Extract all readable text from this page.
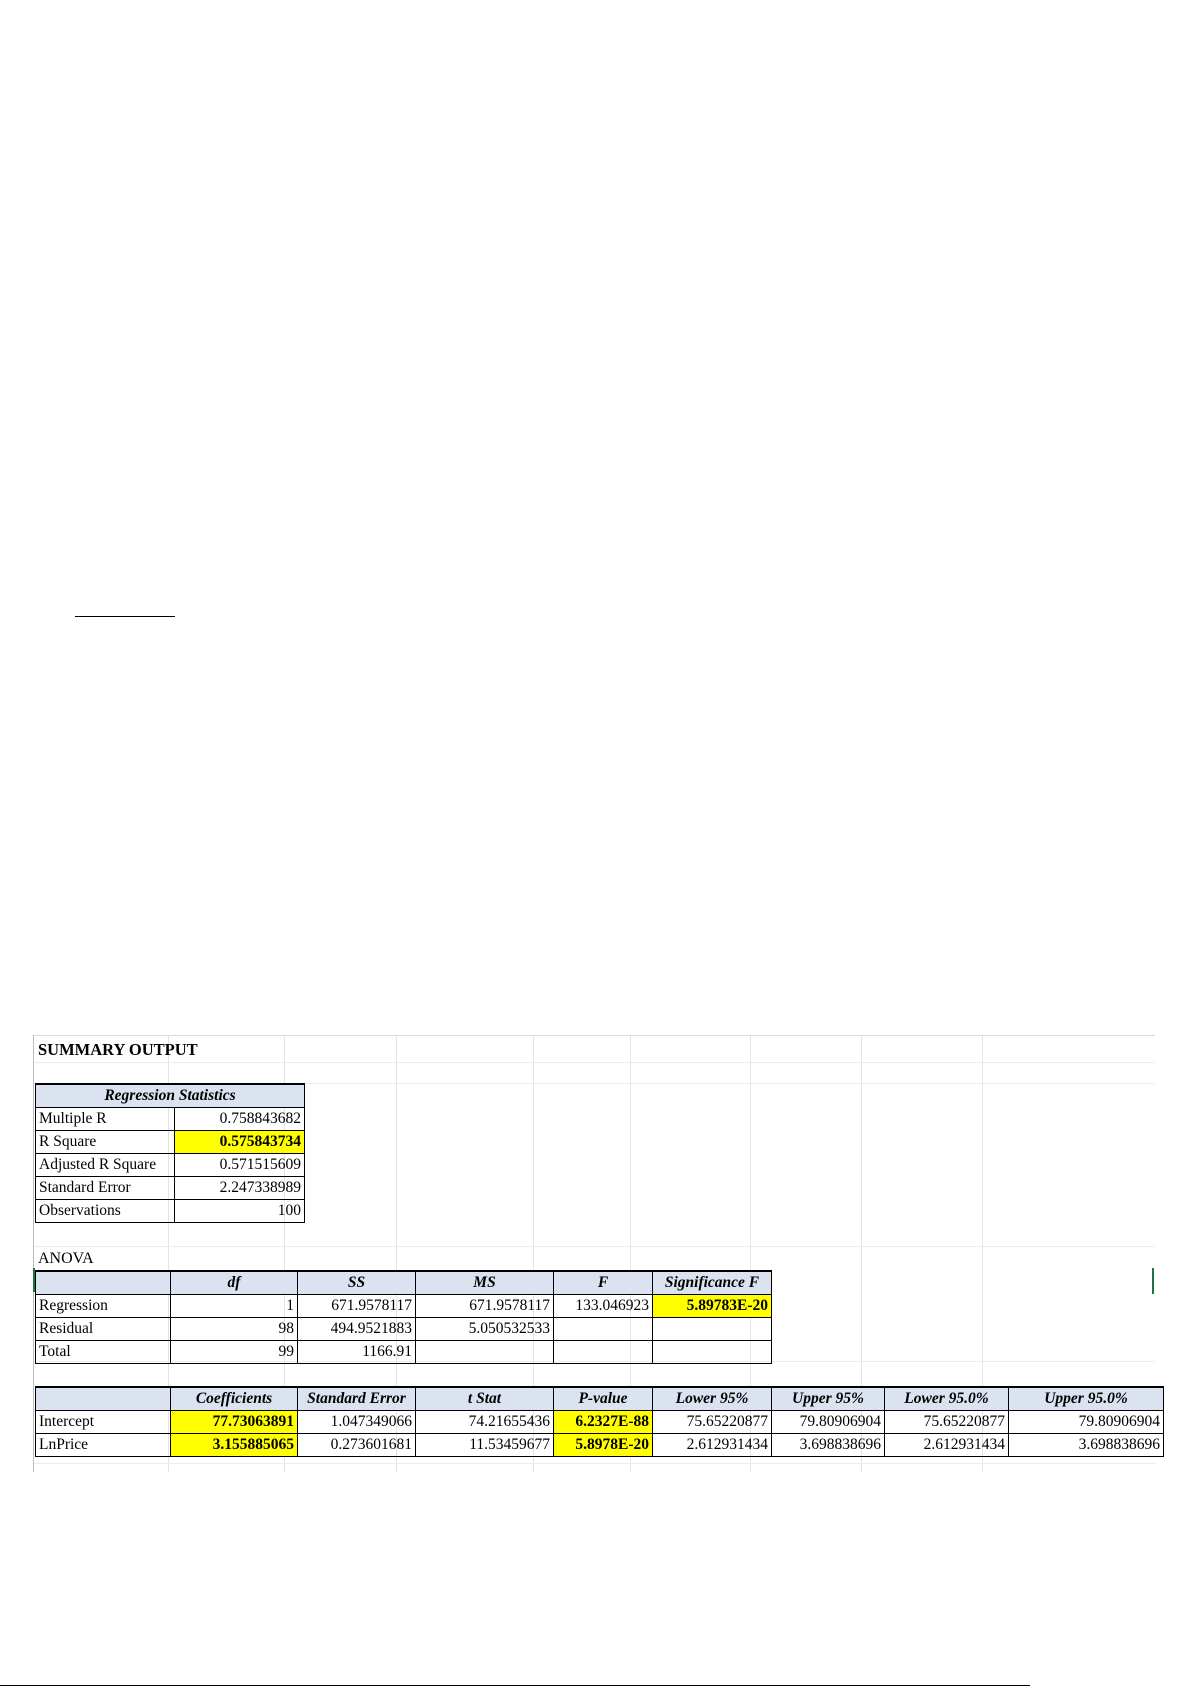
SUMMARY OUTPUT
Regression Statistics	
Multiple R	0.758843682
R Square	0.575843734
Adjusted R Square	0.571515609
Standard Error	2.247338989
Observations	100
ANOVA
	df	SS	MS	F	Significance F
Regression	1	671.9578117	671.9578117	133.046923	5.89783E-20
Residual	98	494.9521883	5.050532533		
Total	99	1166.91			
	Coefficients	Standard Error	t Stat	P-value	Lower 95%	Upper 95%	Lower 95.0%	Upper 95.0%
Intercept	77.73063891	1.047349066	74.21655436	6.2327E-88	75.65220877	79.80906904	75.65220877	79.80906904
LnPrice	3.155885065	0.273601681	11.53459677	5.8978E-20	2.612931434	3.698838696	2.612931434	3.698838696
